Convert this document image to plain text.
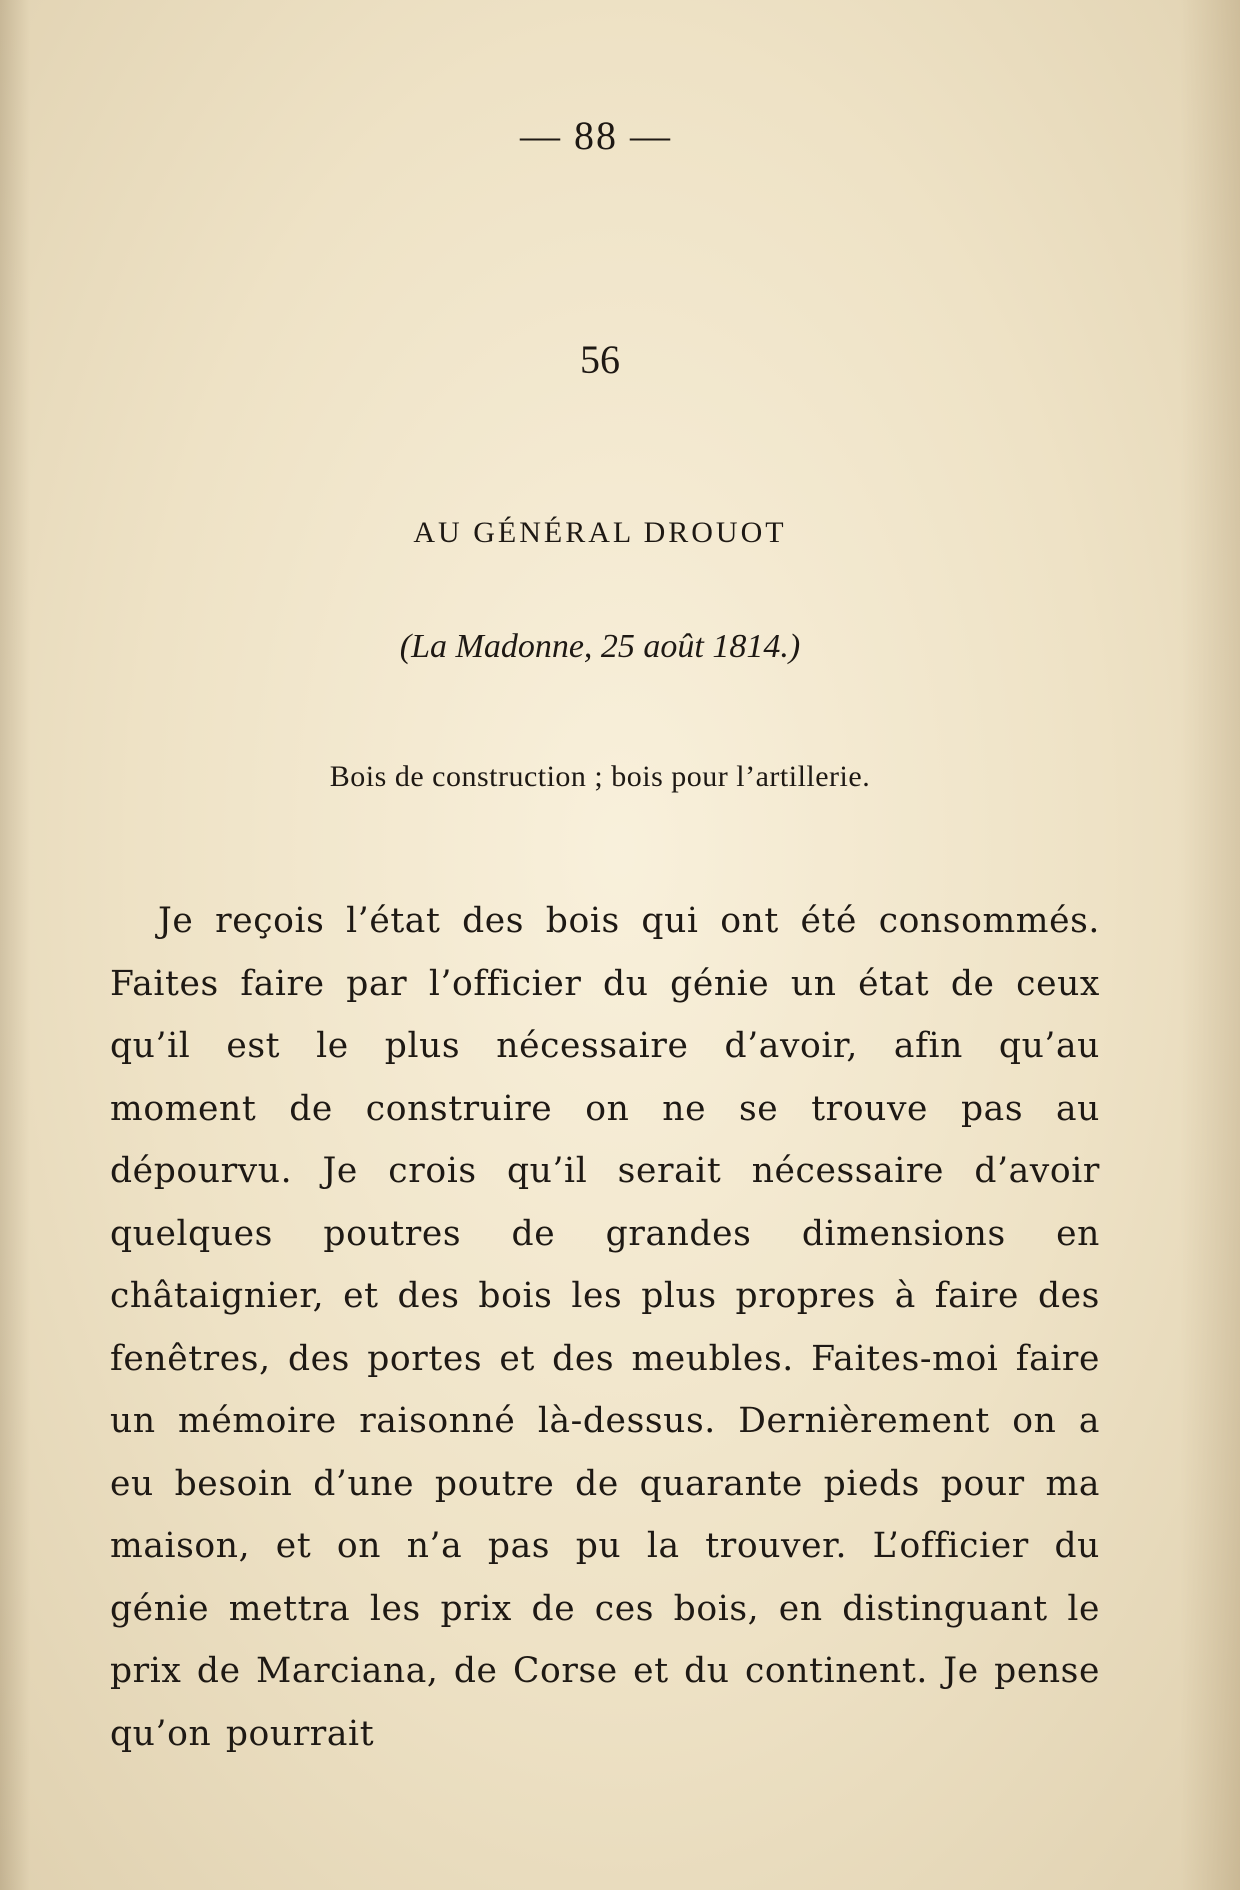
— 88 —
56
AU GÉNÉRAL DROUOT
(La Madonne, 25 août 1814.)
Bois de construction ; bois pour l’artillerie.

Je reçois l’état des bois qui ont été consommés. Faites faire par l’officier du génie un état de ceux qu’il est le plus nécessaire d’avoir, afin qu’au moment de construire on ne se trouve pas au dépourvu. Je crois qu’il serait nécessaire d’avoir quelques poutres de grandes dimensions en châtaignier, et des bois les plus propres à faire des fenêtres, des portes et des meubles. Faites-moi faire un mémoire raisonné là-dessus. Dernièrement on a eu besoin d’une poutre de quarante pieds pour ma maison, et on n’a pas pu la trouver. L’officier du génie mettra les prix de ces bois, en distinguant le prix de Marciana, de Corse et du continent. Je pense qu’on pourrait
